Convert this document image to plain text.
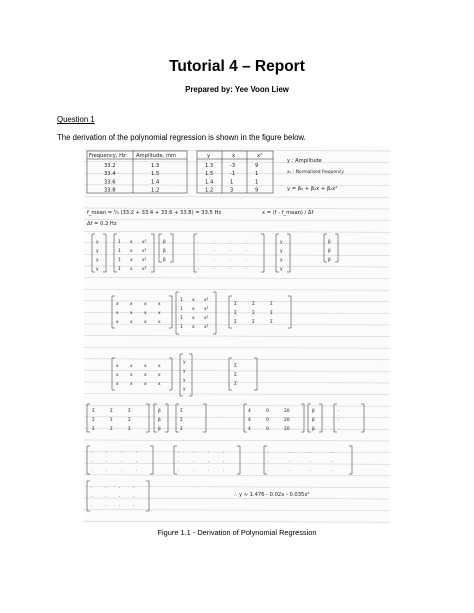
Tutorial 4 – Report
Prepared by: Yee Voon Liew
Question 1
The derivation of the polynomial regression is shown in the figure below.
Frequency, Hz Amplitude, mm
33.2	1.3
33.4	1.5
33.6	1.4
33.8	1.2
y	x	x²
1.3	-3	9
1.5	-1	1
1.4	1	1
1.2	3	9
y : Amplitude
xₙ : Normalised frequency
y = β₀ + β₁x + β₂x²
f_mean = ¼ (33.2 + 33.4 + 33.6 + 33.8) = 33.5 Hz	x = (f - f_mean) / Δf
Δf = 0.2 Hz
y
y
y
y
1 x x²
1 x x²
1 x x²
1 x x²
β
β
β
·	·	·	·
·	·	·	·
·	·	·	·
·	·	·	·
y
y
y
y
β
β
β
x	x	x	x
x	x	x	x
x	x	x	x
1 x x²
1 x x²
1 x x²
1 x x²
Σ	Σ	Σ
Σ	Σ	Σ
Σ	Σ	Σ
x	x	x	x
x	x	x	x
x	x	x	x
y
y
y
y
Σ
Σ
Σ
Σ	Σ	Σ
Σ	Σ	Σ
Σ	Σ	Σ
β
β
β
Σ
Σ
Σ
4	0	20
4	0	20
4	0	20
β
β
β
·
·
·
·	·	·	·
·	·	·	·
·	·	·	·
·	·	·	·
·	·	·	·
·	·	·	·
·	·	·	·
·	·	·	·
·	·	·	·
·	·	·	·
·	·	·	·
·	·	·	·
∴ y ≈ 1.476 - 0.02x - 0.035x²
Figure 1.1 - Derivation of Polynomial Regression
